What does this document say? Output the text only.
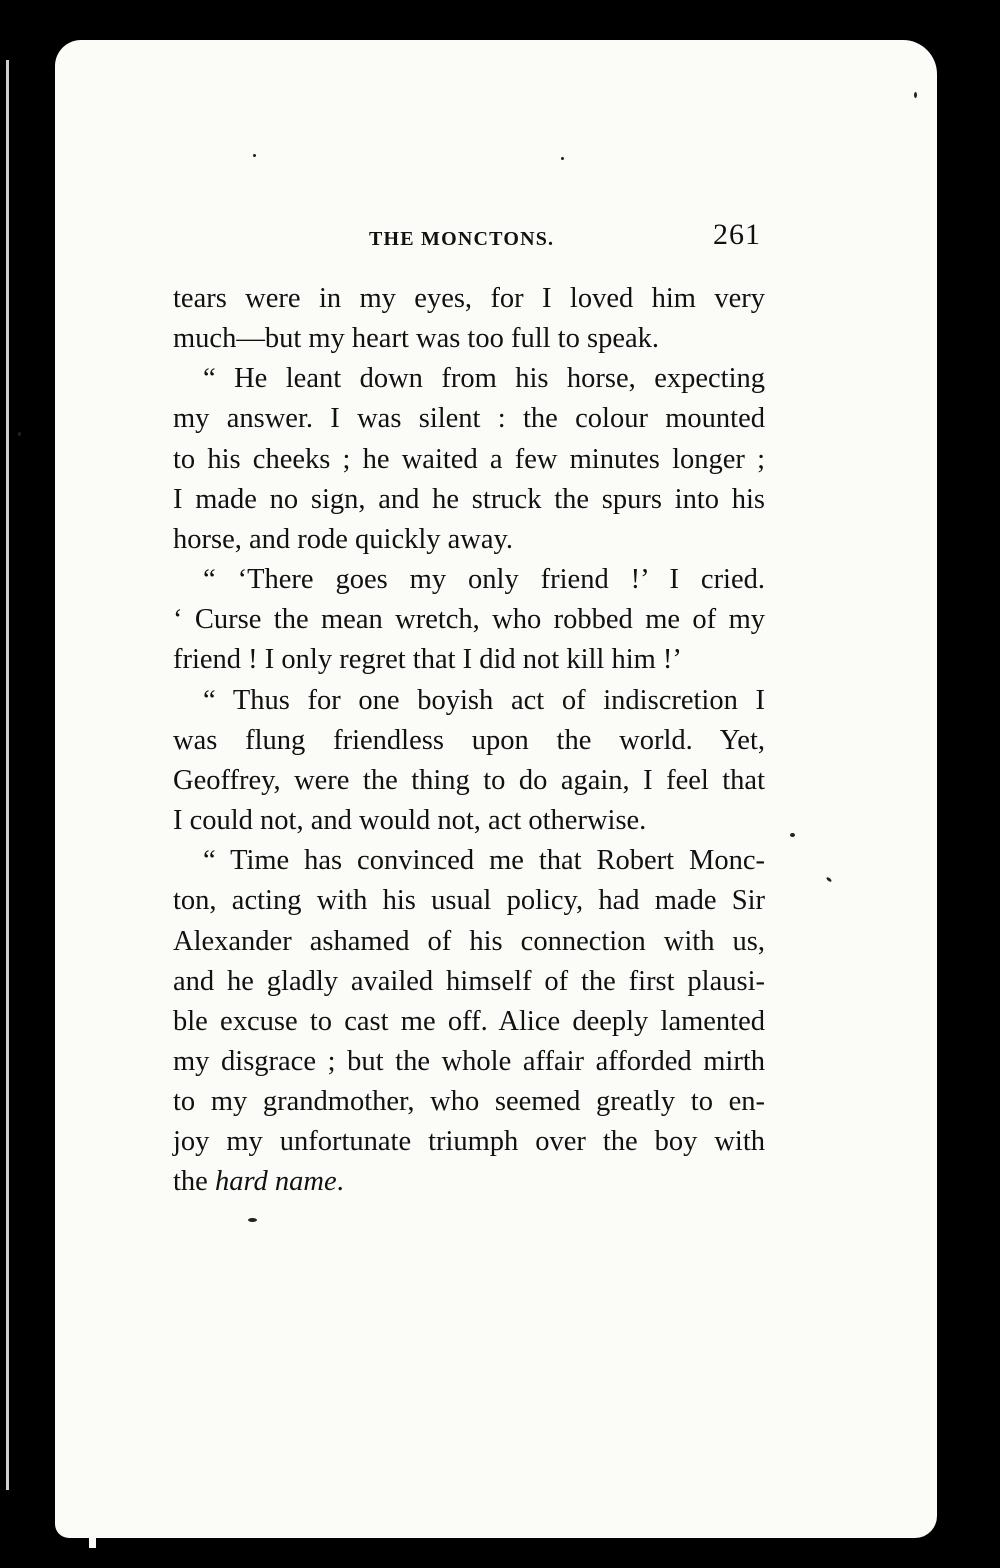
THE MONCTONS.	261
tears were in my eyes, for I loved him very
much—but my heart was too full to speak.
“ He leant down from his horse, expecting
my answer. I was silent : the colour mounted
to his cheeks ; he waited a few minutes longer ;
I made no sign, and he struck the spurs into his
horse, and rode quickly away.
“ ‘There goes my only friend !’ I cried.
‘ Curse the mean wretch, who robbed me of my
friend ! I only regret that I did not kill him !’
“ Thus for one boyish act of indiscretion I
was flung friendless upon the world. Yet,
Geoffrey, were the thing to do again, I feel that
I could not, and would not, act otherwise.
“ Time has convinced me that Robert Monc-
ton, acting with his usual policy, had made Sir
Alexander ashamed of his connection with us,
and he gladly availed himself of the first plausi-
ble excuse to cast me off. Alice deeply lamented
my disgrace ; but the whole affair afforded mirth
to my grandmother, who seemed greatly to en-
joy my unfortunate triumph over the boy with
the hard name.
